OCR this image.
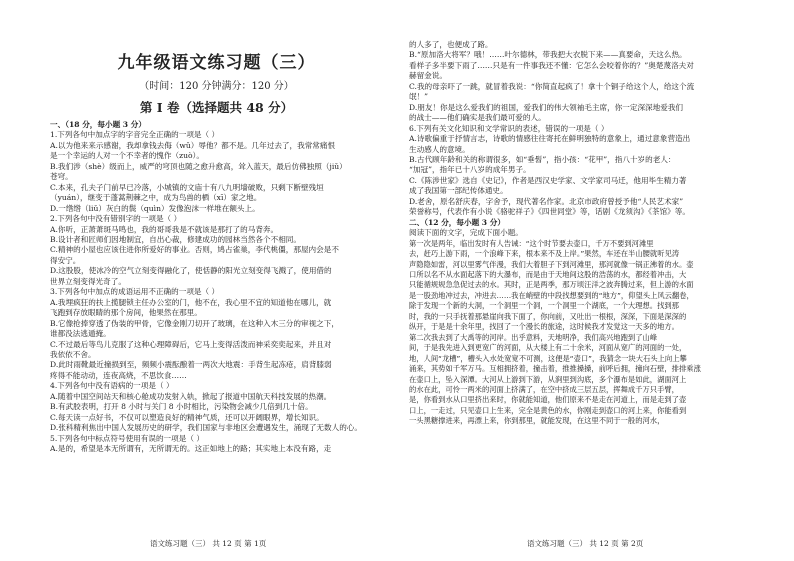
九年级语文练习题（三）
（时间：120 分钟满分：120 分）
第 I 卷（选择题共 48 分）
一、（18 分，每小题 3 分）
1.下列各句中加点字的字音完全正确的一项是（ ）
A.以为他来来示感谢，我却拿钱去侮（wǔ）辱他？都不是。几年过去了，我常常痛恨
是一个幸运的人对一个不幸者的愧作（zuò）。
B.我们涉（shè）级而上，威严的穹顶也随之愈升愈高，耸入蓝天，最后仿佛独照（jiǔ）
苍穹。
C.本来，孔夫子门前早已冷落，小城镇的文庙十有八九明墙破败，只剩下断壁残垣
（yuán），继变于蓬蒿荆棘之中，成为鸟兽的栖（xī）家之地。
D.一绺绺（liǔ）灰白的鬓（quìn）发像泡沫一样堆在额头上。
2.下列各句中没有错别字的一项是（ ）
A.你听，正萧萧斑马鸣也，我的哥哥我是不就该是那打了的马背奔。
B.设计者和匠师们因地制宜，自出心裁，修建成功的园林当然各个不相同。
C.精神的小屋也应该住进你所爱好的事业。否则，鸠占雀巢，李代桃僵，那屋内会是不
得安宁。
D.这股股，使冰冷的空气立刻变得融化了，使恬静的阳光立刻变得飞溅了，使用借的
世界立刻变得光奇了。
3.下列各句中加点的成语运用不正确的一项是（ ）
A.我埋疯狂的扶上揽腿锁主任办公室的门，他不在，我心里不宜的知道他在哪儿，就
飞跑到存放眼睛的那个房间，他果然在那里。
B.它像抢捧穿透了伪装的甲骨，它像金刚刀切开了玻璃，在这种入木三分的审视之下，
谁都没法逃遁掩。
C.不过最后等鸟儿克服了这种心理障碍后，它马上变得活泼而神采奕奕起来，并且对
我依依不舍。
D.此时雨靴最近撞损到至，频频小震酝酿着一两次大地震：手背生起冻疮，肩背膝弱
疼得不能动动，连夜高烧，不思饮食……
4.下列各句中没有语病的一项是（ ）
A.随着中国空间站天和核心舱成功发射入轨，掀起了报道中国航天科技发展的热潮。
B.有武胶表明，打开 8 小时与关门 8 小时相比，污染物会减少几倍到几十倍。
C.每天读一点好书，不仅可以塑造良好的精神气质，还可以开阔眼界，增长知识。
D.张科精利焦出中国人发展历史的研学，我们国家与非地区会遭遇发生，涌现了无数人的心。
5.下列各句中标点符号使用有误的一项是（ ）
A.是的，希望是本无所谓有，无所谓无的。这正如地上的路；其实地上本没有路，走
语文练习题（三） 共 12 页 第 1页
的人多了，也便成了路。
B.“原加洛大将军？哦！……叶尔德林，带我把大衣脱下来——真要命，天这么热。
看样子多半要下雨了……只是有一件事我还不懂：它怎么会咬着你的？”奥楚蔑洛夫对
赫留金说。
C.我的母亲吓了一跳，就冒着我说：“你简直起疯了！拿十个铜子给这个人，给这个流
氓！”
D.朋友！你是这么爱我们的祖国，爱我们的伟大领袖毛主席，你一定深深地爱我们
的战士——他们确实是我们最可爱的人。
6.下列有关文化知识和文学常识的表述，错误的一项是（ ）
A.诗歌偏重于抒情言志，诗歌的情感往往寄托在鲜明独特的意象上，通过意象营造出
生动感人的意境。
B.古代顾年龄和关的称谓很多，如“垂髫”，指小孩：“花甲”，指八十岁的老人：
“加冠”，指年已十八岁的成年男子。
C.《陈涉世家》选自《史记》，作者是西汉史学家、文学家司马迁，他用毕生精力著
成了我国第一部纪传体通史。
D.老舍，原名舒庆春，字舍予，现代著名作家。北京市政府曾授予他“人民艺术家”
荣誉称号，代表作有小说《骆驼祥子》《四世同堂》等，话剧《龙须沟》《茶馆》等。
二、（12 分，每小题 3 分）
阅读下面的文字，完成下面小题。
第一次是两年，临出发时有人告诫：“这个时节要去壶口，千万不要到河滩里
去，赶巧上游下雨，一个浪峰下来，根本来不及上岸。”果然，车还在半山腰就听见涛
声隐隐如雷，河以里雾气伴漫，我们大着胆子下到河滩里，那河就像一锅正沸着的水。壶
口所以名不从水面起落下的大瀑布，而是由于天地间这股的浩荡的水，都经着冲击，大
只能循规规急急促过去的水。其时，正是两季，那万顷汪洋之波奔腾过来，但上游的水面
是一股劲地冲过去，冲进去……我在峭壁的中段找想要到的“地方”，仰望头上风云翻卷，
除于发现一个新的大洞，一个洞里一个洞，一个洞里一个湖底，一个大理想。找到那
时，我的一只手抚着那悬崖向我下面了，你向前，又吐出一根根，深深，下面是深深的
纵开，于是是十余年里，找回了一个漫长的旅途，这时候我才发觉这一天多的地方。
第二次我去到了大禹等的河岸。出乎意料，天地明净，我们高兴地跑到了山峰
间，于是我先进入到更宽广的河面，从大楼上有二十余米，河面从宽广的河面的一处，
地，人间“龙槽”，槽头入水处宽宽不可测，这便是“壶口”，我猜念一块大石头上向上攀
涌来，其势如千军万马。互相拥挤着，撞击着，推推搡搡，前呼后拥，撞向石壁，排排乘涨
在壶口上，坠入深潭。大河从上游到下游，从涧里到沟底，多个瀑布是如此，湖面河上
的水在此，可怜一两米的河面上挤满了，在空中挤成三层五层，挥舞成千万只手臂，
是，你看到水从口里挤出来时，你就能知道，他们原来不是走在河道上，而是走到了壶
口上，一走过，只见壶口上生来，完全是黄色的水，你刚走到壶口的河上来，你能看到
一头黑糖撑进来，再漂上来，你到那里，就能发现，在这里不同于一般的河水，
语文练习题（三） 共 12 页 第 2页
